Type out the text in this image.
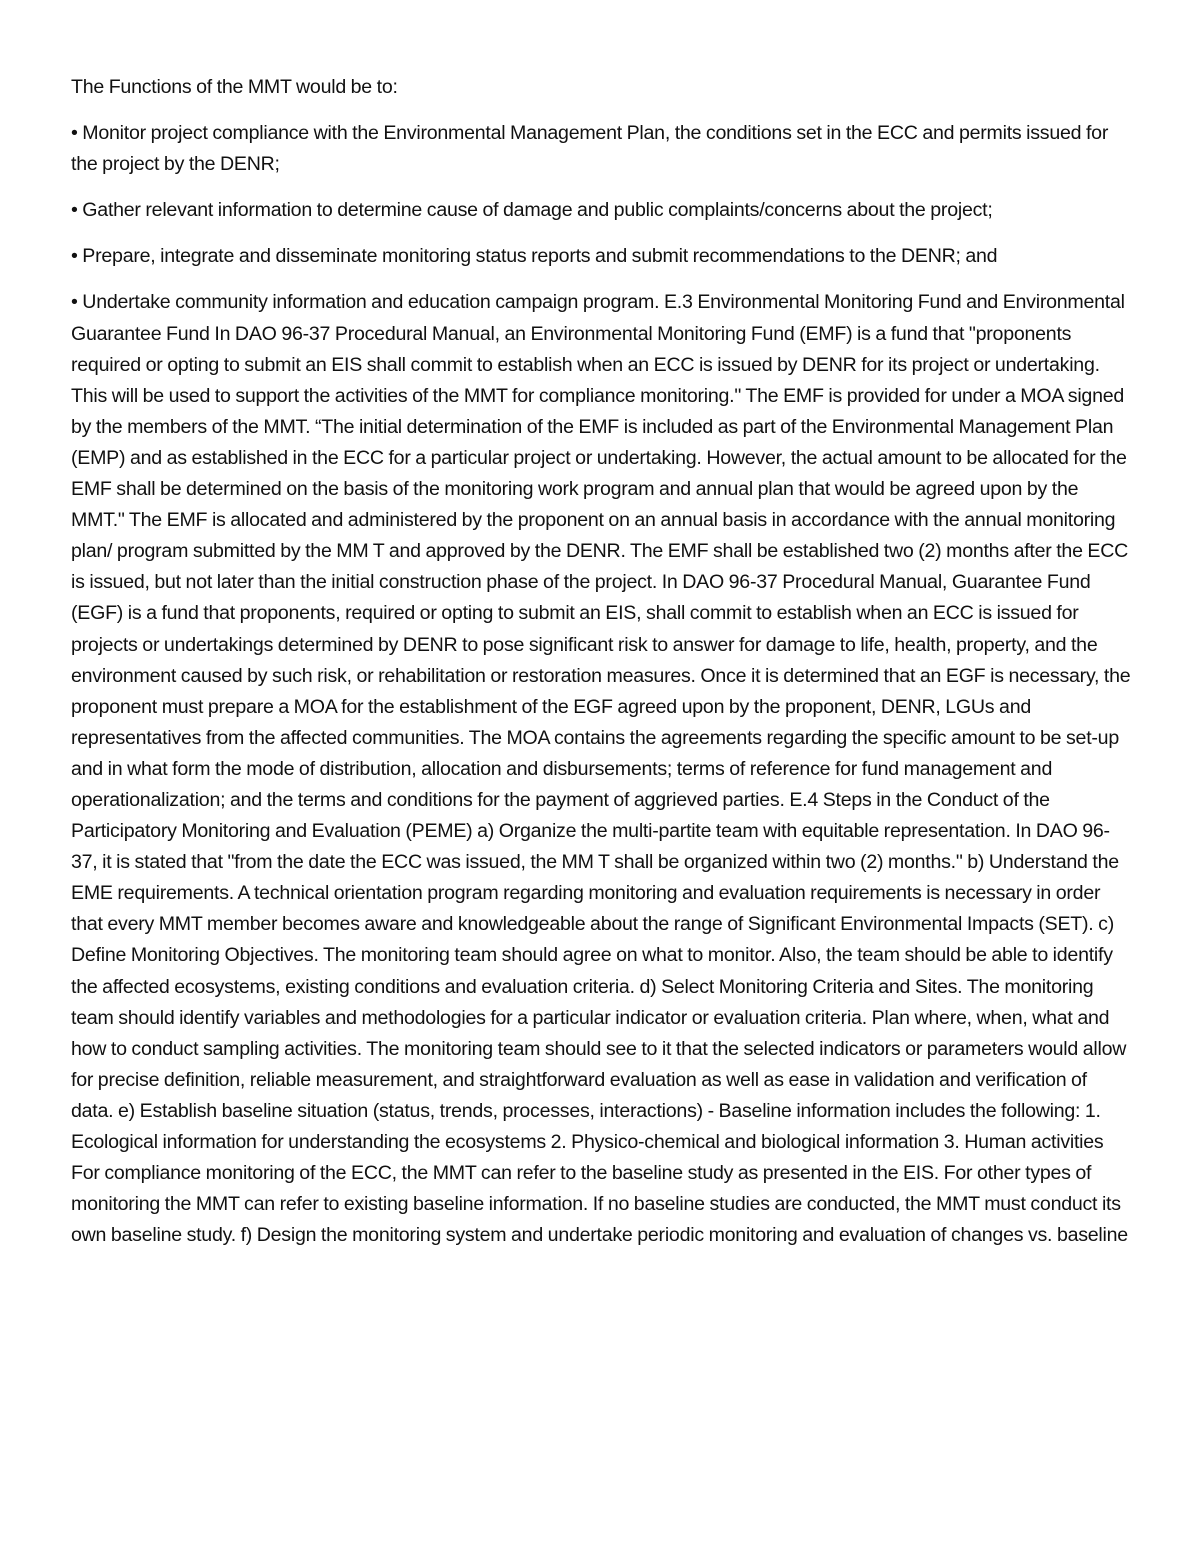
The Functions of the MMT would be to:

• Monitor project compliance with the Environmental Management Plan, the conditions set in the ECC and permits issued for the project by the DENR;

• Gather relevant information to determine cause of damage and public complaints/concerns about the project;

• Prepare, integrate and disseminate monitoring status reports and submit recommendations to the DENR; and

• Undertake community information and education campaign program. E.3 Environmental Monitoring Fund and Environmental Guarantee Fund In DAO 96-37 Procedural Manual, an Environmental Monitoring Fund (EMF) is a fund that "proponents required or opting to submit an EIS shall commit to establish when an ECC is issued by DENR for its project or undertaking. This will be used to support the activities of the MMT for compliance monitoring." The EMF is provided for under a MOA signed by the members of the MMT. “The initial determination of the EMF is included as part of the Environmental Management Plan (EMP) and as established in the ECC for a particular project or undertaking. However, the actual amount to be allocated for the EMF shall be determined on the basis of the monitoring work program and annual plan that would be agreed upon by the MMT." The EMF is allocated and administered by the proponent on an annual basis in accordance with the annual monitoring plan/ program submitted by the MM T and approved by the DENR. The EMF shall be established two (2) months after the ECC is issued, but not later than the initial construction phase of the project. In DAO 96-37 Procedural Manual, Guarantee Fund (EGF) is a fund that proponents, required or opting to submit an EIS, shall commit to establish when an ECC is issued for projects or undertakings determined by DENR to pose significant risk to answer for damage to life, health, property, and the environment caused by such risk, or rehabilitation or restoration measures. Once it is determined that an EGF is necessary, the proponent must prepare a MOA for the establishment of the EGF agreed upon by the proponent, DENR, LGUs and representatives from the affected communities. The MOA contains the agreements regarding the specific amount to be set-up and in what form the mode of distribution, allocation and disbursements; terms of reference for fund management and operationalization; and the terms and conditions for the payment of aggrieved parties. E.4 Steps in the Conduct of the Participatory Monitoring and Evaluation (PEME) a) Organize the multi-partite team with equitable representation. In DAO 96-37, it is stated that "from the date the ECC was issued, the MM T shall be organized within two (2) months." b) Understand the EME requirements. A technical orientation program regarding monitoring and evaluation requirements is necessary in order that every MMT member becomes aware and knowledgeable about the range of Significant Environmental Impacts (SET). c) Define Monitoring Objectives. The monitoring team should agree on what to monitor. Also, the team should be able to identify the affected ecosystems, existing conditions and evaluation criteria. d) Select Monitoring Criteria and Sites. The monitoring team should identify variables and methodologies for a particular indicator or evaluation criteria. Plan where, when, what and how to conduct sampling activities. The monitoring team should see to it that the selected indicators or parameters would allow for precise definition, reliable measurement, and straightforward evaluation as well as ease in validation and verification of data. e) Establish baseline situation (status, trends, processes, interactions) - Baseline information includes the following: 1. Ecological information for understanding the ecosystems 2. Physico-chemical and biological information 3. Human activities For compliance monitoring of the ECC, the MMT can refer to the baseline study as presented in the EIS. For other types of monitoring the MMT can refer to existing baseline information. If no baseline studies are conducted, the MMT must conduct its own baseline study. f) Design the monitoring system and undertake periodic monitoring and evaluation of changes vs. baseline
